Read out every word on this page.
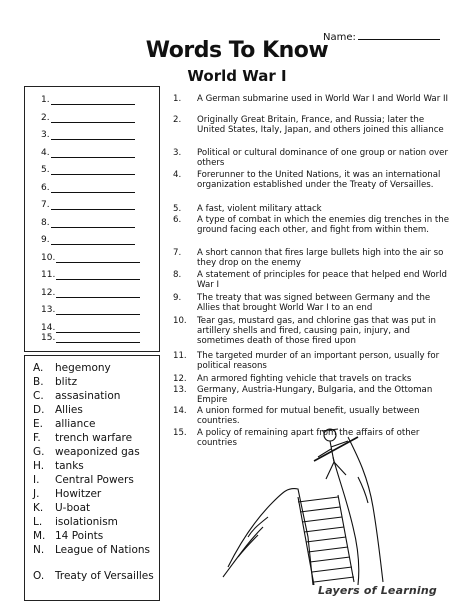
Name:
Words To Know
World War I
1.
2.
3.
4.
5.
6.
7.
8.
9.
10.
11.
12.
13.
14.
15.
A.	hegemony
B.	blitz
C.	assasination
D.	Allies
E.	alliance
F.	trench warfare
G.	weaponized gas
H.	tanks
I.	Central Powers
J.	Howitzer
K.	U-boat
L.	isolationism
M. 14 Points
N.	League of Nations
O.	Treaty of Versailles
1.	A German submarine used in World War I and World War II
2.	Originally Great Britain, France, and Russia; later the United States, Italy, Japan, and others joined this alliance
3.	Political or cultural dominance of one group or nation over others
4.	Forerunner to the United Nations, it was an international organization established under the Treaty of Versailles.
5.	A fast, violent military attack
6.	A type of combat in which the enemies dig trenches in the ground facing each other, and fight from within them.
7.	A short cannon that fires large bullets high into the air so they drop on the enemy
8.	A statement of principles for peace that helped end World War I
9.	The treaty that was signed between Germany and the Allies that brought World War I to an end
10.	Tear gas, mustard gas, and chlorine gas that was put in artillery shells and fired, causing pain, injury, and sometimes death of those fired upon
11.	The targeted murder of an important person, usually for political reasons
12.	An armored fighting vehicle that travels on tracks
13.	Germany, Austria-Hungary, Bulgaria, and the Ottoman Empire
14.	A union formed for mutual benefit, usually between countries.
15.	A policy of remaining apart from the affairs of other countries
Layers of Learning
